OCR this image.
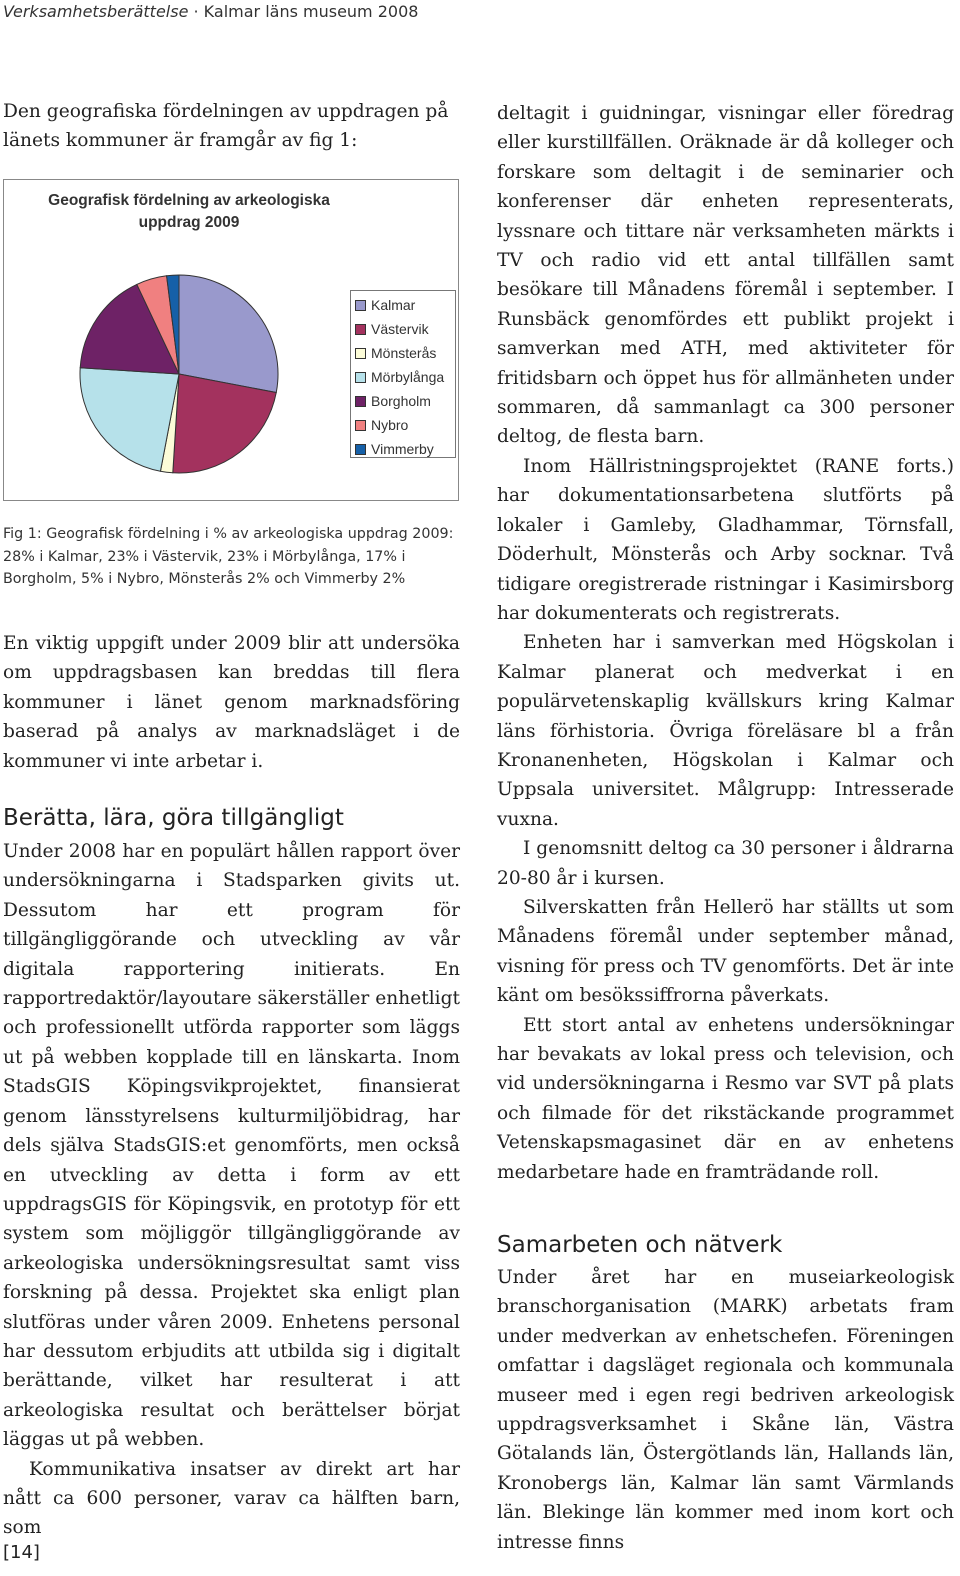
Verksamhetsberättelse · Kalmar läns museum 2008

Den geografiska fördelningen av uppdragen på länets kommuner är framgår av fig 1:

Geografisk fördelning av arkeologiska
uppdrag 2009
Kalmar
Västervik
Mönsterås
Mörbylånga
Borgholm
Nybro
Vimmerby

Fig 1: Geografisk fördelning i % av arkeologiska uppdrag 2009: 28% i Kalmar, 23% i Västervik, 23% i Mörbylånga, 17% i Borgholm, 5% i Nybro, Mönsterås 2% och Vimmerby 2%

En viktig uppgift under 2009 blir att undersöka om uppdragsbasen kan breddas till flera kommuner i länet genom marknadsföring baserad på analys av marknadsläget i de kommuner vi inte arbetar i.

Berätta, lära, göra tillgängligt

Under 2008 har en populärt hållen rapport över undersökningarna i Stadsparken givits ut. Dessutom har ett program för tillgängliggörande och utveckling av vår digitala rapportering initierats. En rapportredaktör/layoutare säkerställer enhetligt och professionellt utförda rapporter som läggs ut på webben kopplade till en länskarta. Inom StadsGIS Köpingsvikprojektet, finansierat genom länsstyrelsens kulturmiljöbidrag, har dels själva StadsGIS:et genomförts, men också en utveckling av detta i form av ett uppdragsGIS för Köpingsvik, en prototyp för ett system som möjliggör tillgängliggörande av arkeologiska undersökningsresultat samt viss forskning på dessa. Projektet ska enligt plan slutföras under våren 2009. Enhetens personal har dessutom erbjudits att utbilda sig i digitalt berättande, vilket har resulterat i att arkeologiska resultat och berättelser börjat läggas ut på webben.

Kommunikativa insatser av direkt art har nått ca 600 personer, varav ca hälften barn, som

deltagit i guidningar, visningar eller föredrag eller kurstillfällen. Oräknade är då kolleger och forskare som deltagit i de seminarier och konferenser där enheten representerats, lyssnare och tittare när verksamheten märkts i TV och radio vid ett antal tillfällen samt besökare till Månadens föremål i september. I Runsbäck genomfördes ett publikt projekt i samverkan med ATH, med aktiviteter för fritidsbarn och öppet hus för allmänheten under sommaren, då sammanlagt ca 300 personer deltog, de flesta barn.

Inom Hällristningsprojektet (RANE forts.) har dokumentationsarbetena slutförts på lokaler i Gamleby, Gladhammar, Törnsfall, Döderhult, Mönsterås och Arby socknar. Två tidigare oregistrerade ristningar i Kasimirsborg har dokumenterats och registrerats.

Enheten har i samverkan med Högskolan i Kalmar planerat och medverkat i en populärvetenskaplig kvällskurs kring Kalmar läns förhistoria. Övriga föreläsare bl a från Kronanenheten, Högskolan i Kalmar och Uppsala universitet. Målgrupp: Intresserade vuxna.

I genomsnitt deltog ca 30 personer i åldrarna 20-80 år i kursen.

Silverskatten från Hellerö har ställts ut som Månadens föremål under september månad, visning för press och TV genomförts. Det är inte känt om besökssiffrorna påverkats.

Ett stort antal av enhetens undersökningar har bevakats av lokal press och television, och vid undersökningarna i Resmo var SVT på plats och filmade för det rikstäckande programmet Vetenskapsmagasinet där en av enhetens medarbetare hade en framträdande roll.

Samarbeten och nätverk

Under året har en museiarkeologisk branschorganisation (MARK) arbetats fram under medverkan av enhetschefen. Föreningen omfattar i dagsläget regionala och kommunala museer med i egen regi bedriven arkeologisk uppdragsverksamhet i Skåne län, Västra Götalands län, Östergötlands län, Hallands län, Kronobergs län, Kalmar län samt Värmlands län. Blekinge län kommer med inom kort och intresse finns

[14]
